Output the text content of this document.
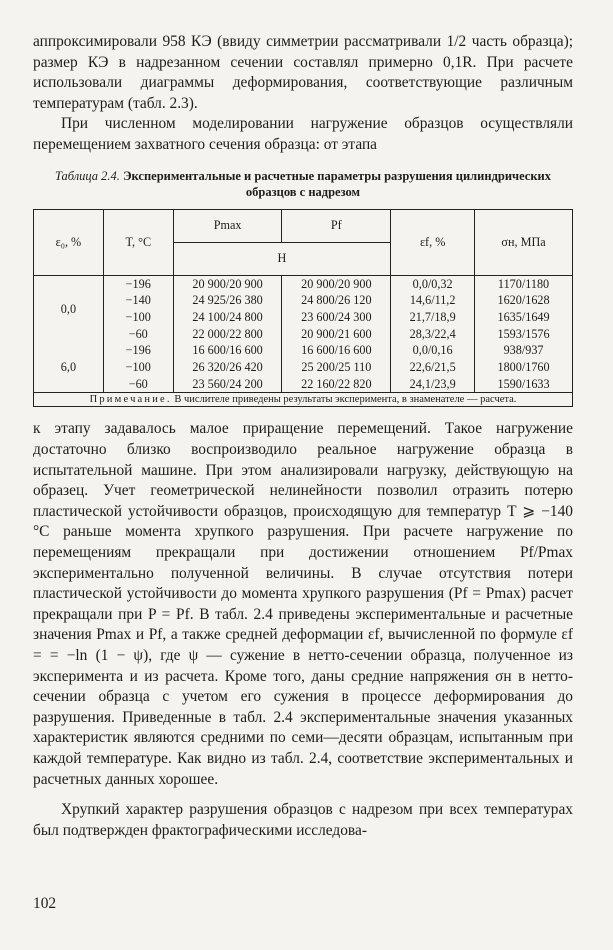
аппроксимировали 958 КЭ (ввиду симметрии рассматривали 1/2 часть образца); размер КЭ в надрезанном сечении составлял примерно 0,1R. При расчете использовали диаграммы деформирования, соответствующие различным температурам (табл. 2.3).

При численном моделировании нагружение образцов осуществляли перемещением захватного сечения образца: от этапа

Таблица 2.4. Экспериментальные и расчетные параметры разрушения цилиндрических образцов с надрезом
ε₀, %	T, °C	Pmax	Pf	εf, %	σн, МПа
		Н			
0,0	−196	20 900/20 900	20 900/20 900	0,0/0,32	1170/1180
	−140	24 925/26 380	24 800/26 120	14,6/11,2	1620/1628
	−100	24 100/24 800	23 600/24 300	21,7/18,9	1635/1649
	−60	22 000/22 800	20 900/21 600	28,3/22,4	1593/1576
6,0	−196	16 600/16 600	16 600/16 600	0,0/0,16	938/937
	−100	26 320/26 420	25 200/25 110	22,6/21,5	1800/1760
	−60	23 560/24 200	22 160/22 820	24,1/23,9	1590/1633
Примечание. В числителе приведены результаты эксперимента, в знаменателе — расчета.					

к этапу задавалось малое приращение перемещений. Такое нагружение достаточно близко воспроизводило реальное нагружение образца в испытательной машине. При этом анализировали нагрузку, действующую на образец. Учет геометрической нелинейности позволил отразить потерю пластической устойчивости образцов, происходящую для температур T ⩾ −140 °C раньше момента хрупкого разрушения. При расчете нагружение по перемещениям прекращали при достижении отношением Pf/Pmax экспериментально полученной величины. В случае отсутствия потери пластической устойчивости до момента хрупкого разрушения (Pf = Pmax) расчет прекращали при P = Pf. В табл. 2.4 приведены экспериментальные и расчетные значения Pmax и Pf, а также средней деформации εf, вычисленной по формуле εf = = −ln (1 − ψ), где ψ — сужение в нетто-сечении образца, полученное из эксперимента и из расчета. Кроме того, даны средние напряжения σн в нетто-сечении образца с учетом его сужения в процессе деформирования до разрушения. Приведенные в табл. 2.4 экспериментальные значения указанных характеристик являются средними по семи—десяти образцам, испытанным при каждой температуре. Как видно из табл. 2.4, соответствие экспериментальных и расчетных данных хорошее.

Хрупкий характер разрушения образцов с надрезом при всех температурах был подтвержден фрактографическими исследова-

102
